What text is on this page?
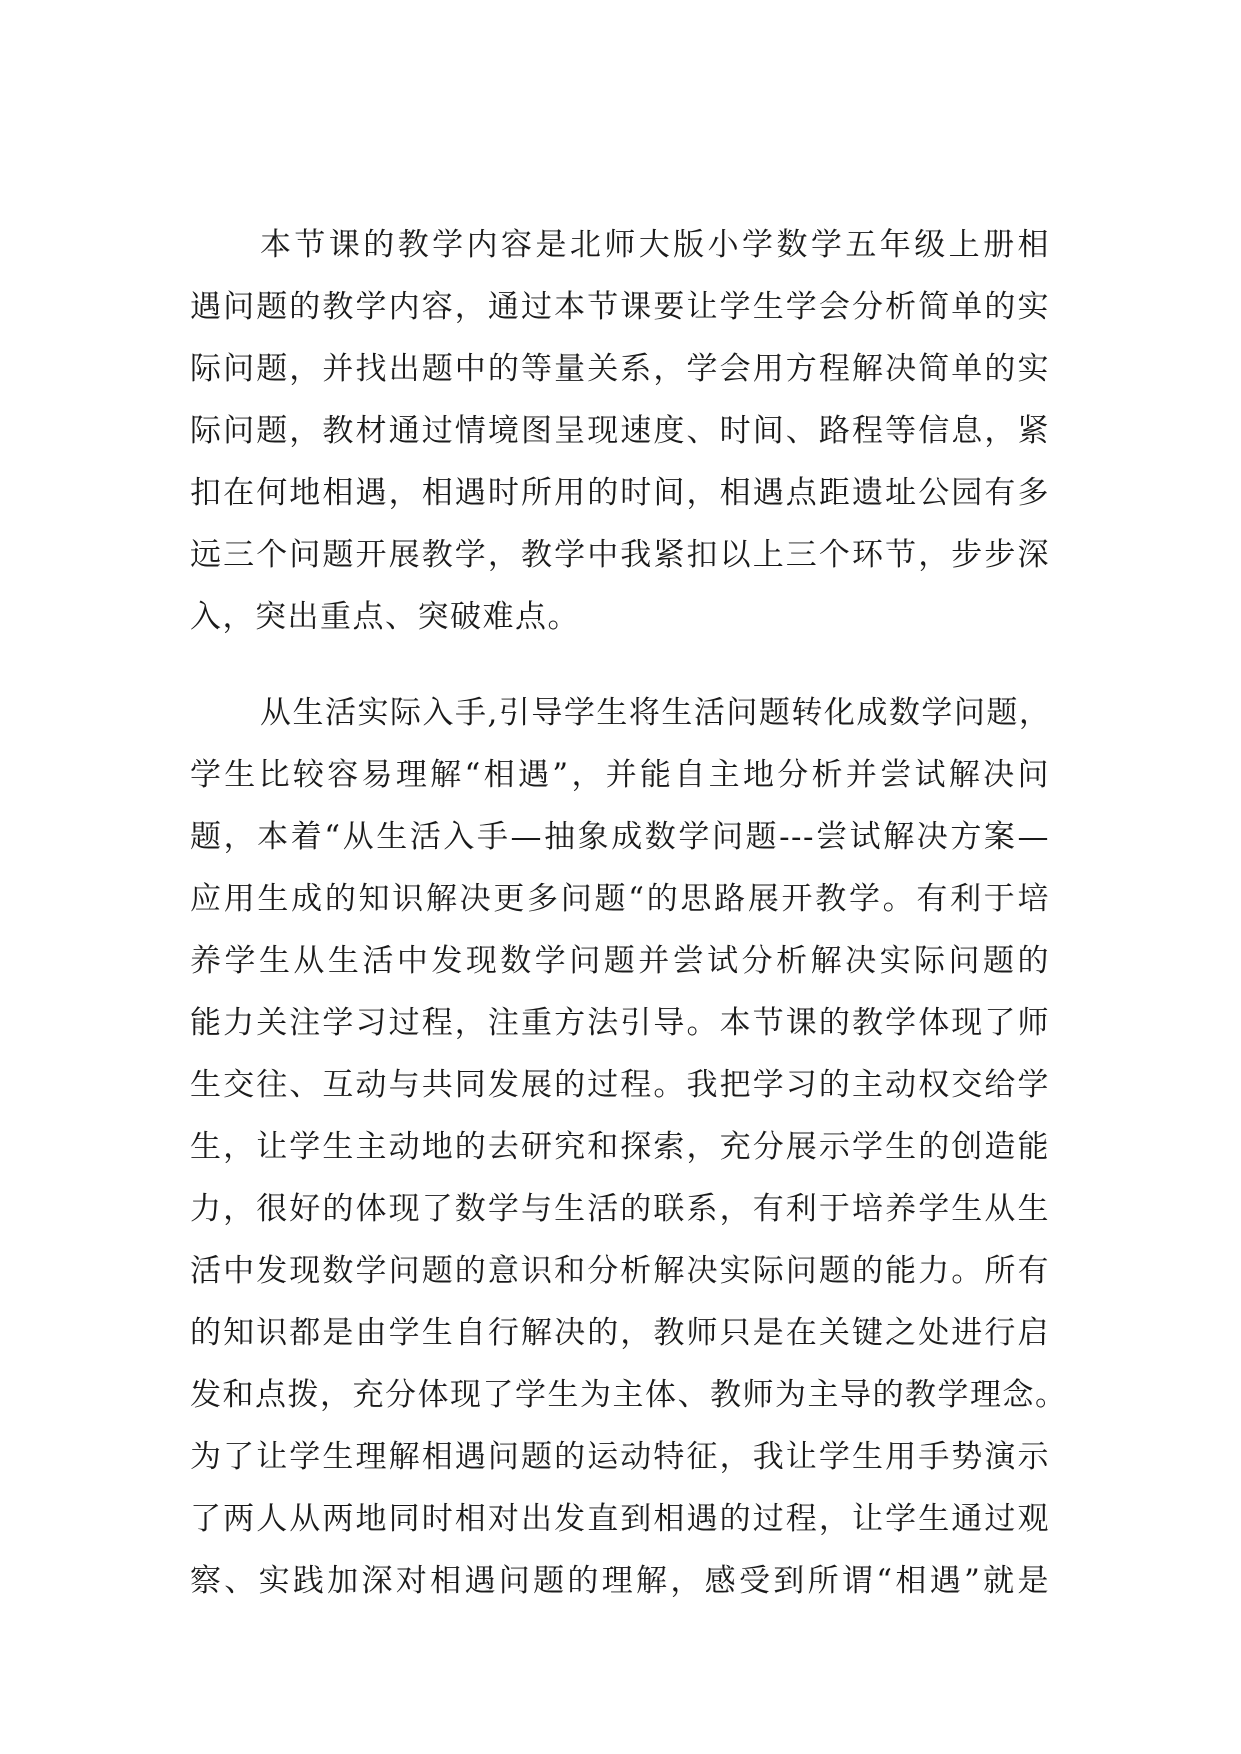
本节课的教学内容是北师大版小学数学五年级上册相
遇问题的教学内容，通过本节课要让学生学会分析简单的实
际问题，并找出题中的等量关系，学会用方程解决简单的实
际问题，教材通过情境图呈现速度、时间、路程等信息，紧
扣在何地相遇，相遇时所用的时间，相遇点距遗址公园有多
远三个问题开展教学，教学中我紧扣以上三个环节，步步深
入，突出重点、突破难点。

从生活实际入手,引导学生将生活问题转化成数学问题，
学生比较容易理解“相遇”，并能自主地分析并尝试解决问
题，本着“从生活入手—抽象成数学问题---尝试解决方案—
应用生成的知识解决更多问题“的思路展开教学。有利于培
养学生从生活中发现数学问题并尝试分析解决实际问题的
能力关注学习过程，注重方法引导。本节课的教学体现了师
生交往、互动与共同发展的过程。我把学习的主动权交给学
生，让学生主动地的去研究和探索，充分展示学生的创造能
力，很好的体现了数学与生活的联系，有利于培养学生从生
活中发现数学问题的意识和分析解决实际问题的能力。所有
的知识都是由学生自行解决的，教师只是在关键之处进行启
发和点拨，充分体现了学生为主体、教师为主导的教学理念。
为了让学生理解相遇问题的运动特征，我让学生用手势演示
了两人从两地同时相对出发直到相遇的过程，让学生通过观
察、实践加深对相遇问题的理解，感受到所谓“相遇”就是
